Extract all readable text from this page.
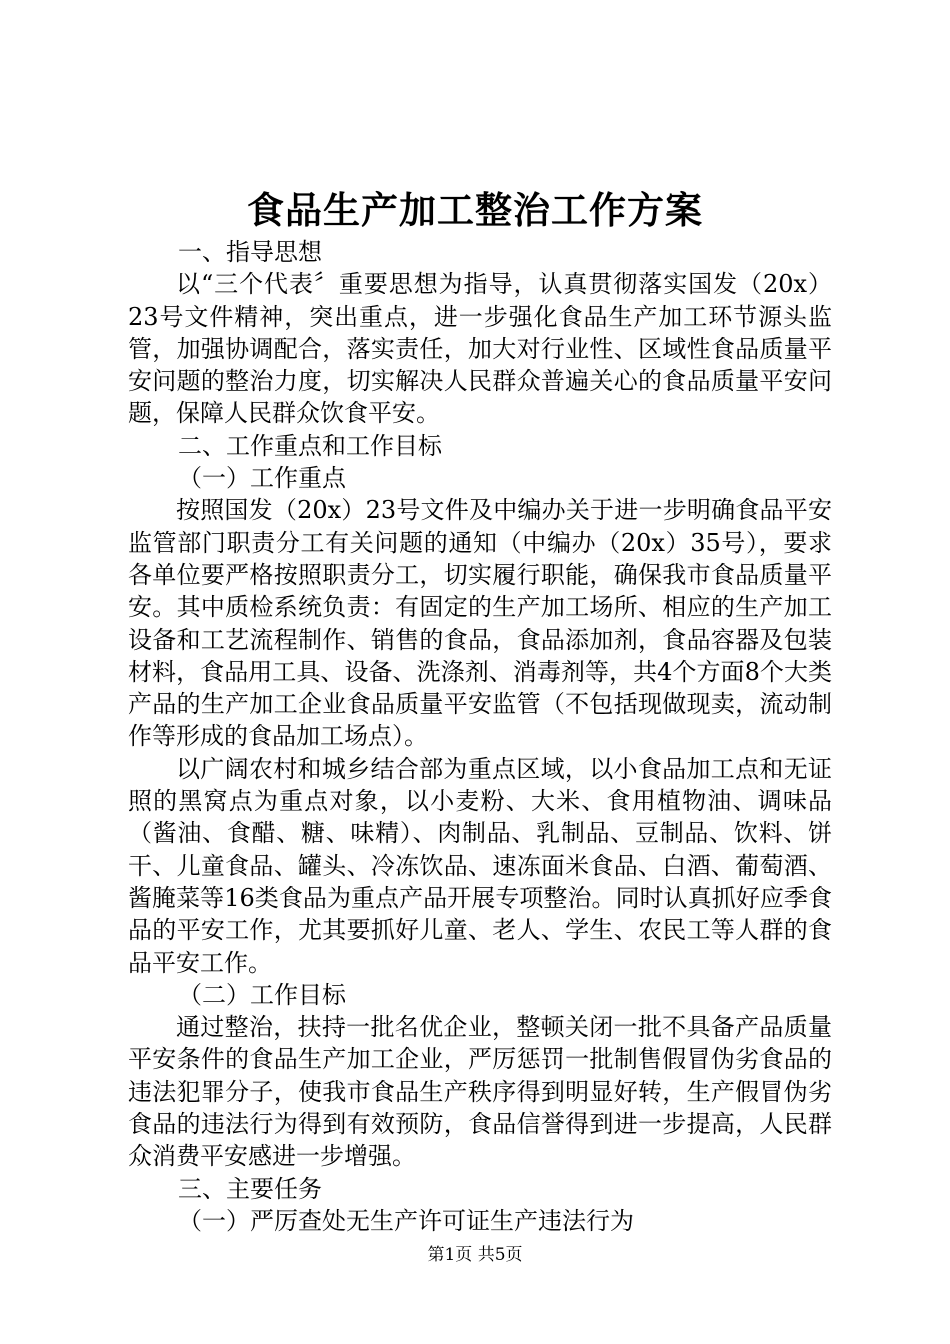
食品生产加工整治工作方案

一、指导思想

以“三个代表〞重要思想为指导，认真贯彻落实国发（20x）23号文件精神，突出重点，进一步强化食品生产加工环节源头监管，加强协调配合，落实责任，加大对行业性、区域性食品质量平安问题的整治力度，切实解决人民群众普遍关心的食品质量平安问题，保障人民群众饮食平安。

二、工作重点和工作目标

（一）工作重点

按照国发（20x）23号文件及中编办关于进一步明确食品平安监管部门职责分工有关问题的通知（中编办（20x）35号），要求各单位要严格按照职责分工，切实履行职能，确保我市食品质量平安。其中质检系统负责：有固定的生产加工场所、相应的生产加工设备和工艺流程制作、销售的食品，食品添加剂，食品容器及包装材料，食品用工具、设备、洗涤剂、消毒剂等，共4个方面8个大类产品的生产加工企业食品质量平安监管（不包括现做现卖，流动制作等形成的食品加工场点）。

以广阔农村和城乡结合部为重点区域，以小食品加工点和无证照的黑窝点为重点对象，以小麦粉、大米、食用植物油、调味品（酱油、食醋、糖、味精）、肉制品、乳制品、豆制品、饮料、饼干、儿童食品、罐头、冷冻饮品、速冻面米食品、白酒、葡萄酒、酱腌菜等16类食品为重点产品开展专项整治。同时认真抓好应季食品的平安工作，尤其要抓好儿童、老人、学生、农民工等人群的食品平安工作。

（二）工作目标

通过整治，扶持一批名优企业，整顿关闭一批不具备产品质量平安条件的食品生产加工企业，严厉惩罚一批制售假冒伪劣食品的违法犯罪分子，使我市食品生产秩序得到明显好转，生产假冒伪劣食品的违法行为得到有效预防，食品信誉得到进一步提高，人民群众消费平安感进一步增强。

三、主要任务

（一）严厉查处无生产许可证生产违法行为

第1页 共5页
